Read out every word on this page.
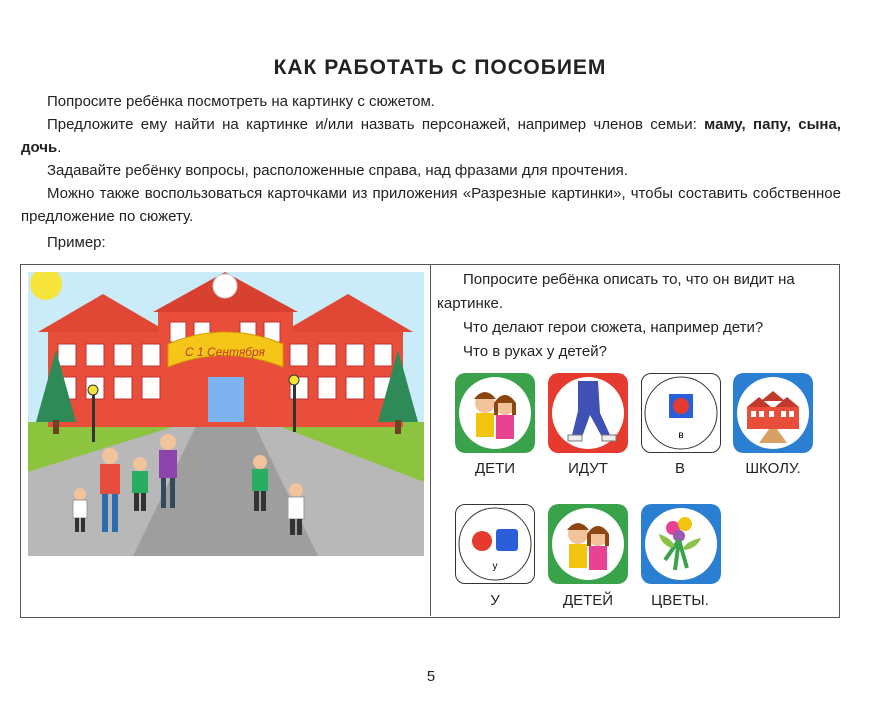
КАК РАБОТАТЬ С ПОСОБИЕМ

Попросите ребёнка посмотреть на картинку с сюжетом.

Предложите ему найти на картинке и/или назвать персонажей, например членов семьи: маму, папу, сына, дочь.

Задавайте ребёнку вопросы, расположенные справа, над фразами для прочтения.

Можно также воспользоваться карточками из приложения «Разрезные картинки», чтобы составить собственное предложение по сюжету.

Пример:
С 1 Сентября

Попросите ребёнка описать то, что он видит на картинке.

Что делают герои сюжета, например дети?

Что в руках у детей?

в
ДЕТИ	ИДУТ	В	ШКОЛУ.
у
У	ДЕТЕЙ	ЦВЕТЫ.
5
